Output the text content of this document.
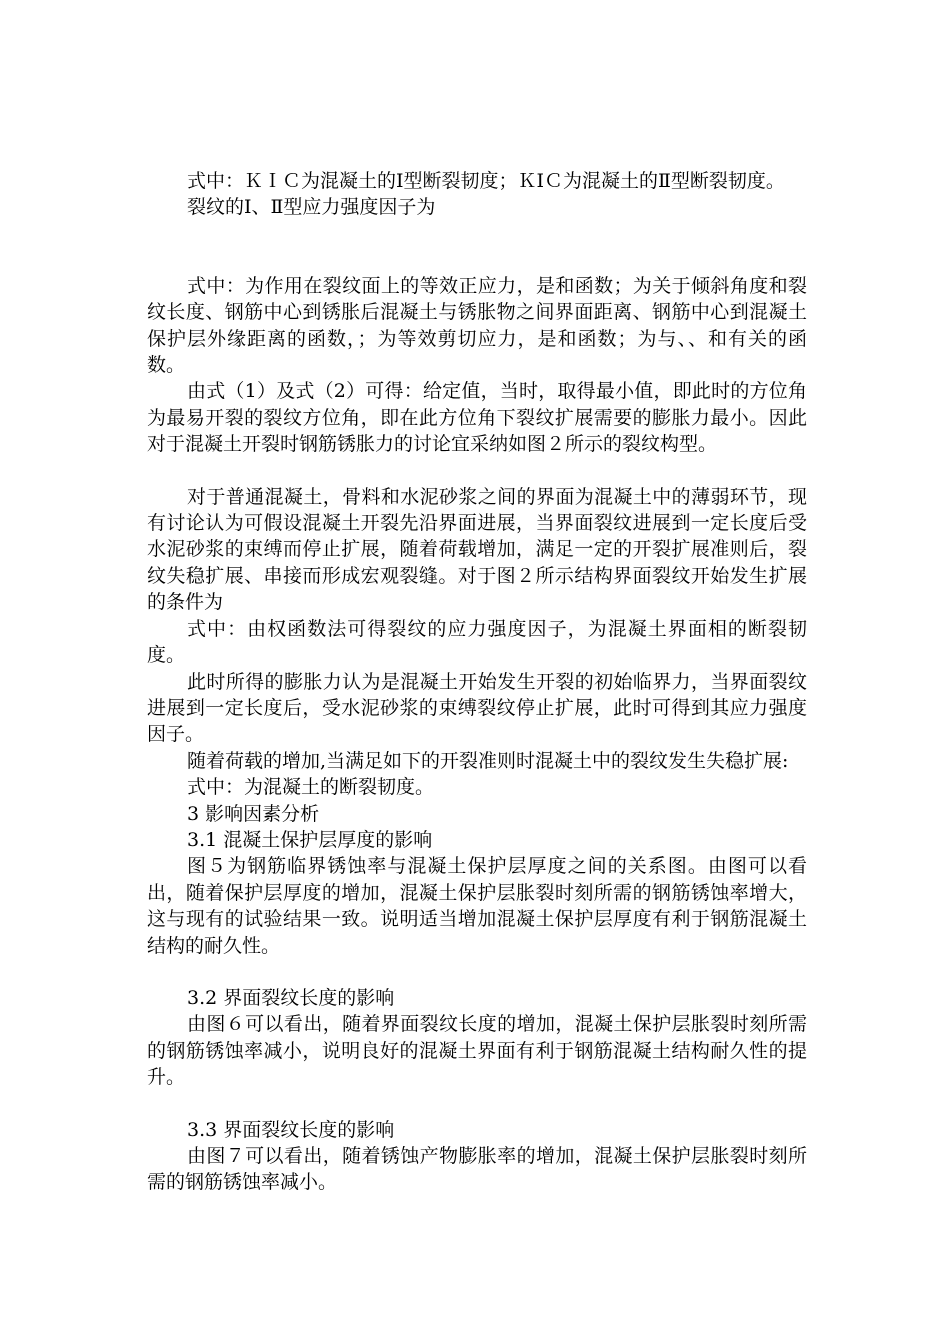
式中：ＫＩＣ为混凝土的Ⅰ型断裂韧度；ＫⅠＣ为混凝土的Ⅱ型断裂韧度。

裂纹的Ⅰ、Ⅱ型应力强度因子为

式中：为作用在裂纹面上的等效正应力，是和函数；为关于倾斜角度和裂纹长度、钢筋中心到锈胀后混凝土与锈胀物之间界面距离、钢筋中心到混凝土保护层外缘距离的函数，；为等效剪切应力，是和函数；为与、、和有关的函数。

由式（1）及式（2）可得：给定值，当时，取得最小值，即此时的方位角为最易开裂的裂纹方位角，即在此方位角下裂纹扩展需要的膨胀力最小。因此对于混凝土开裂时钢筋锈胀力的讨论宜采纳如图２所示的裂纹构型。

对于普通混凝土，骨料和水泥砂浆之间的界面为混凝土中的薄弱环节，现有讨论认为可假设混凝土开裂先沿界面进展，当界面裂纹进展到一定长度后受水泥砂浆的束缚而停止扩展，随着荷载增加，满足一定的开裂扩展准则后，裂纹失稳扩展、串接而形成宏观裂缝。对于图２所示结构界面裂纹开始发生扩展的条件为

式中：由权函数法可得裂纹的应力强度因子，为混凝土界面相的断裂韧度。

此时所得的膨胀力认为是混凝土开始发生开裂的初始临界力，当界面裂纹进展到一定长度后，受水泥砂浆的束缚裂纹停止扩展，此时可得到其应力强度因子。

随着荷载的增加,当满足如下的开裂准则时混凝土中的裂纹发生失稳扩展:

式中：为混凝土的断裂韧度。

3 影响因素分析

3.1 混凝土保护层厚度的影响

图５为钢筋临界锈蚀率与混凝土保护层厚度之间的关系图。由图可以看出，随着保护层厚度的增加，混凝土保护层胀裂时刻所需的钢筋锈蚀率增大，这与现有的试验结果一致。说明适当增加混凝土保护层厚度有利于钢筋混凝土结构的耐久性。

3.2 界面裂纹长度的影响

由图６可以看出，随着界面裂纹长度的增加，混凝土保护层胀裂时刻所需的钢筋锈蚀率减小，说明良好的混凝土界面有利于钢筋混凝土结构耐久性的提升。

3.3 界面裂纹长度的影响

由图７可以看出，随着锈蚀产物膨胀率的增加，混凝土保护层胀裂时刻所需的钢筋锈蚀率减小。
